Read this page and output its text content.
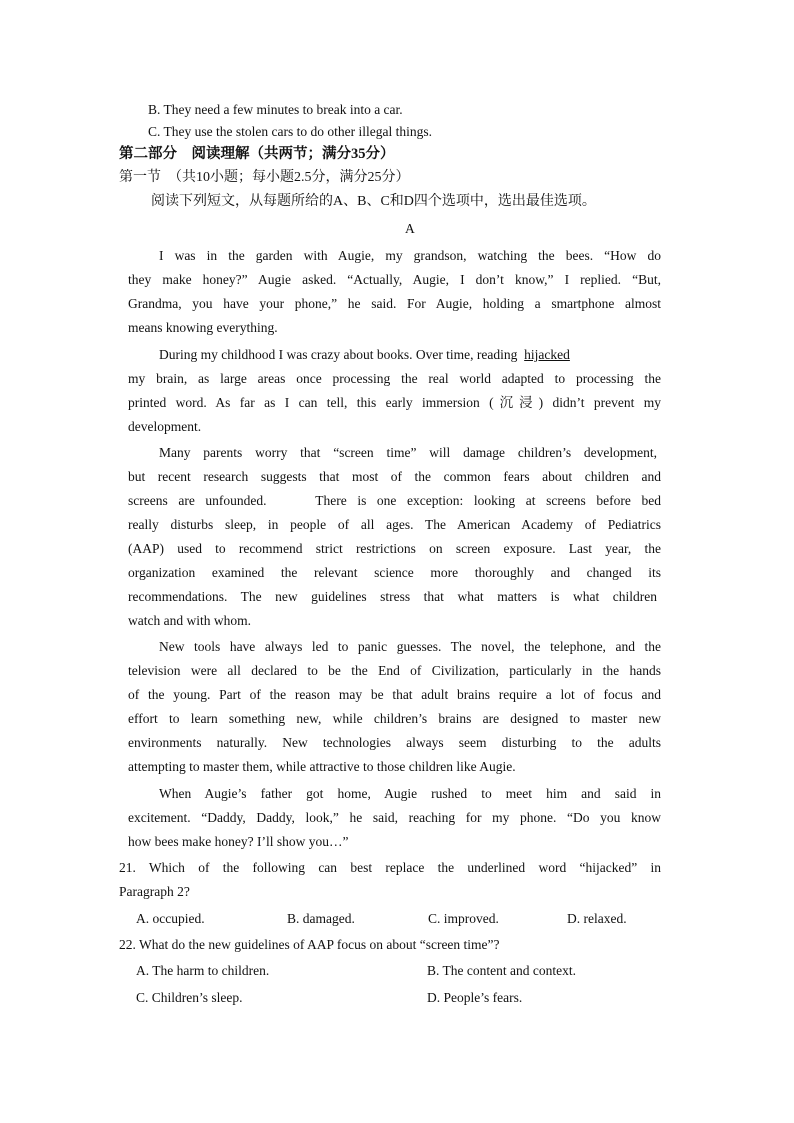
B. They need a few minutes to break into a car.
C. They use the stolen cars to do other illegal things.
第二部分　阅读理解（共两节；满分35分）
第一节　（共10小题；每小题2.5分，满分25分）
阅读下列短文，从每题所给的A、B、C和D四个选项中，选出最佳选项。
A
I was in the garden with Augie, my grandson, watching the bees. “How do
they make honey?” Augie asked. “Actually, Augie, I don’t know,” I replied. “But,
Grandma, you have your phone,” he said. For Augie, holding a smartphone almost
means knowing everything.
During my childhood I was crazy about books. Over time, reading hijacked
my brain, as large areas once processing the real world adapted to processing the
printed word. As far as I can tell, this early immersion (沉浸) didn’t prevent my
development.
Many parents worry that “screen time” will damage children’s development,
but recent research suggests that most of the common fears about children and
screens are unfounded.　　There is one exception: looking at screens before bed
really disturbs sleep, in people of all ages. The American Academy of Pediatrics
(AAP) used to recommend strict restrictions on screen exposure. Last year, the
organization examined the relevant science more thoroughly and changed its
recommendations. The new guidelines stress that what matters is what children
watch and with whom.
New tools have always led to panic guesses. The novel, the telephone, and the
television were all declared to be the End of Civilization, particularly in the hands
of the young. Part of the reason may be that adult brains require a lot of focus and
effort to learn something new, while children’s brains are designed to master new
environments naturally. New technologies always seem disturbing to the adults
attempting to master them, while attractive to those children like Augie.
When Augie’s father got home, Augie rushed to meet him and said in
excitement. “Daddy, Daddy, look,” he said, reaching for my phone. “Do you know
how bees make honey? I’ll show you…”
21. Which of the following can best replace the underlined word “hijacked” in
Paragraph 2?
A. occupied.	B. damaged.	C. improved.	D. relaxed.
22. What do the new guidelines of AAP focus on about “screen time”?
A. The harm to children.	B. The content and context.
C. Children’s sleep.	D. People’s fears.
